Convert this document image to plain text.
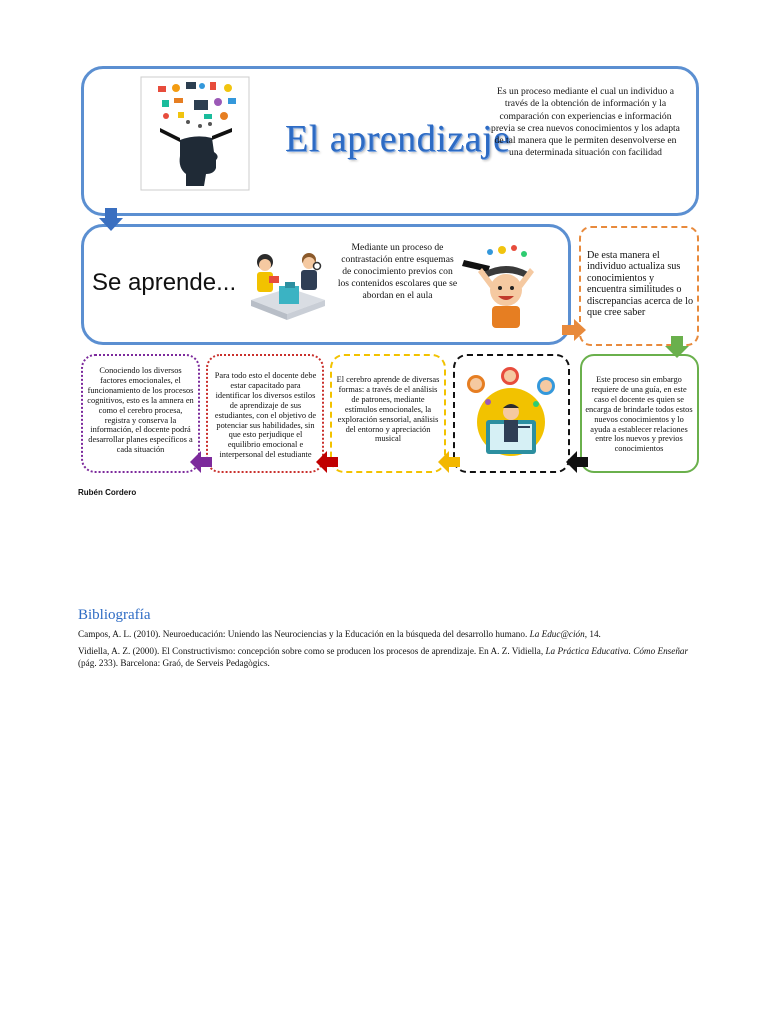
El aprendizaje
Es un proceso mediante el cual un individuo a través de la obtención de información y la comparación con experiencias e información previa se crea nuevos conocimientos y los adapta de tal manera que le permiten desenvolverse en una determinada situación con facilidad
Se aprende...
Mediante un proceso de contrastación entre esquemas de conocimiento previos con los contenidos escolares que se abordan en el aula
De esta manera el individuo actualiza sus conocimientos y encuentra similitudes o discrepancias acerca de lo que cree saber
Este proceso sin embargo requiere de una guía, en este caso el docente es quien se encarga de brindarle todos estos nuevos conocimientos y lo ayuda a establecer relaciones entre los nuevos y previos conocimientos
El cerebro aprende de diversas formas: a través de el análisis de patrones, mediante estímulos emocionales, la exploración sensorial, análisis del entorno y apreciación musical
Para todo esto el docente debe estar capacitado para identificar los diversos estilos de aprendizaje de sus estudiantes, con el objetivo de potenciar sus habilidades, sin que esto perjudique el equilibrio emocional e interpersonal del estudiante
Conociendo los diversos factores emocionales, el funcionamiento de los procesos cognitivos, esto es la amnera en como el cerebro procesa, registra y conserva la información, el docente podrá desarrollar planes específicos a cada situación
Rubén Cordero
Bibliografía
Campos, A. L. (2010). Neuroeducación: Uniendo las Neurociencias y la Educación en la búsqueda del desarrollo humano. La Educ@ción, 14.
Vidiella, A. Z. (2000). El Constructivismo: concepción sobre como se producen los procesos de aprendizaje. En A. Z. Vidiella, La Práctica Educativa. Cómo Enseñar (pág. 233). Barcelona: Graó, de Serveis Pedagògics.
